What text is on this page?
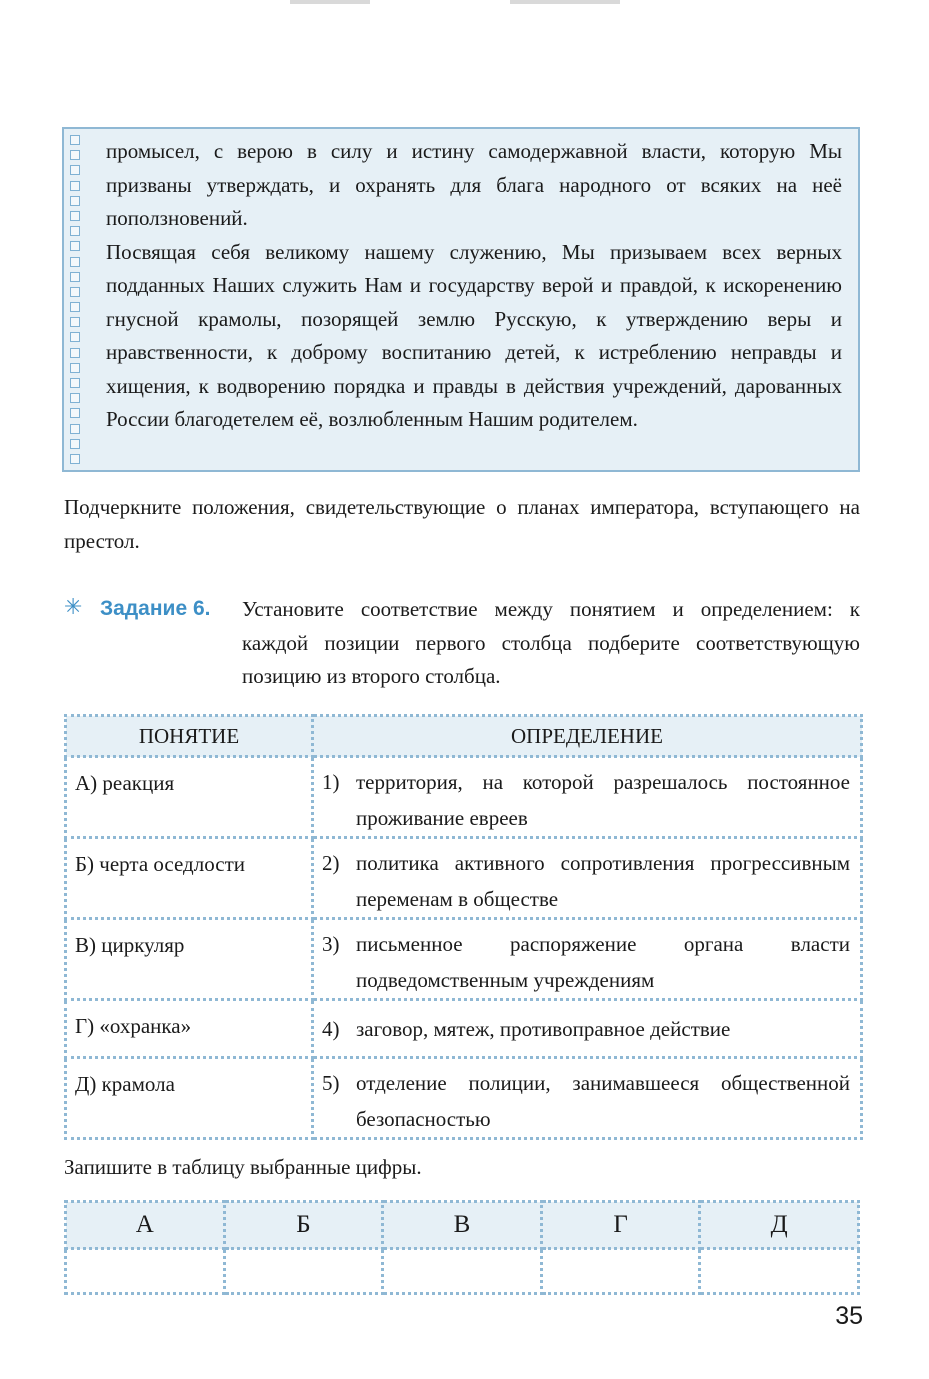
промысел, с верою в силу и истину самодержавной власти, которую Мы призваны утверждать, и охранять для блага народного от всяких на неё поползновений.

Посвящая себя великому нашему служению, Мы призываем всех верных подданных Наших служить Нам и государству верой и правдой, к искоренению гнусной крамолы, позорящей землю Русскую, к утверждению веры и нравственности, к доброму воспитанию детей, к истреблению неправды и хищения, к водворению порядка и правды в действия учреждений, дарованных России благодетелем её, возлюбленным Нашим родителем.

Подчеркните положения, свидетельствующие о планах императора, вступающего на престол.
✳ Задание 6. Установите соответствие между понятием и определением: к каждой позиции первого столбца подберите соответствующую позицию из второго столбца.
ПОНЯТИЕ	ОПРЕДЕЛЕНИЕ
А) реакция	1) территория, на которой разрешалось постоянное проживание евреев

Б) черта оседлости	2) политика активного сопротивления прогрессивным переменам в обществе

В) циркуляр	3) письменное распоряжение органа власти подведомственным учреждениям

Г) «охранка»	4) заговор, мятеж, противоправное действие

Д) крамола	5) отделение полиции, занимавшееся общественной безопасностью
Запишите в таблицу выбранные цифры.
А	Б	В	Г	Д

35
